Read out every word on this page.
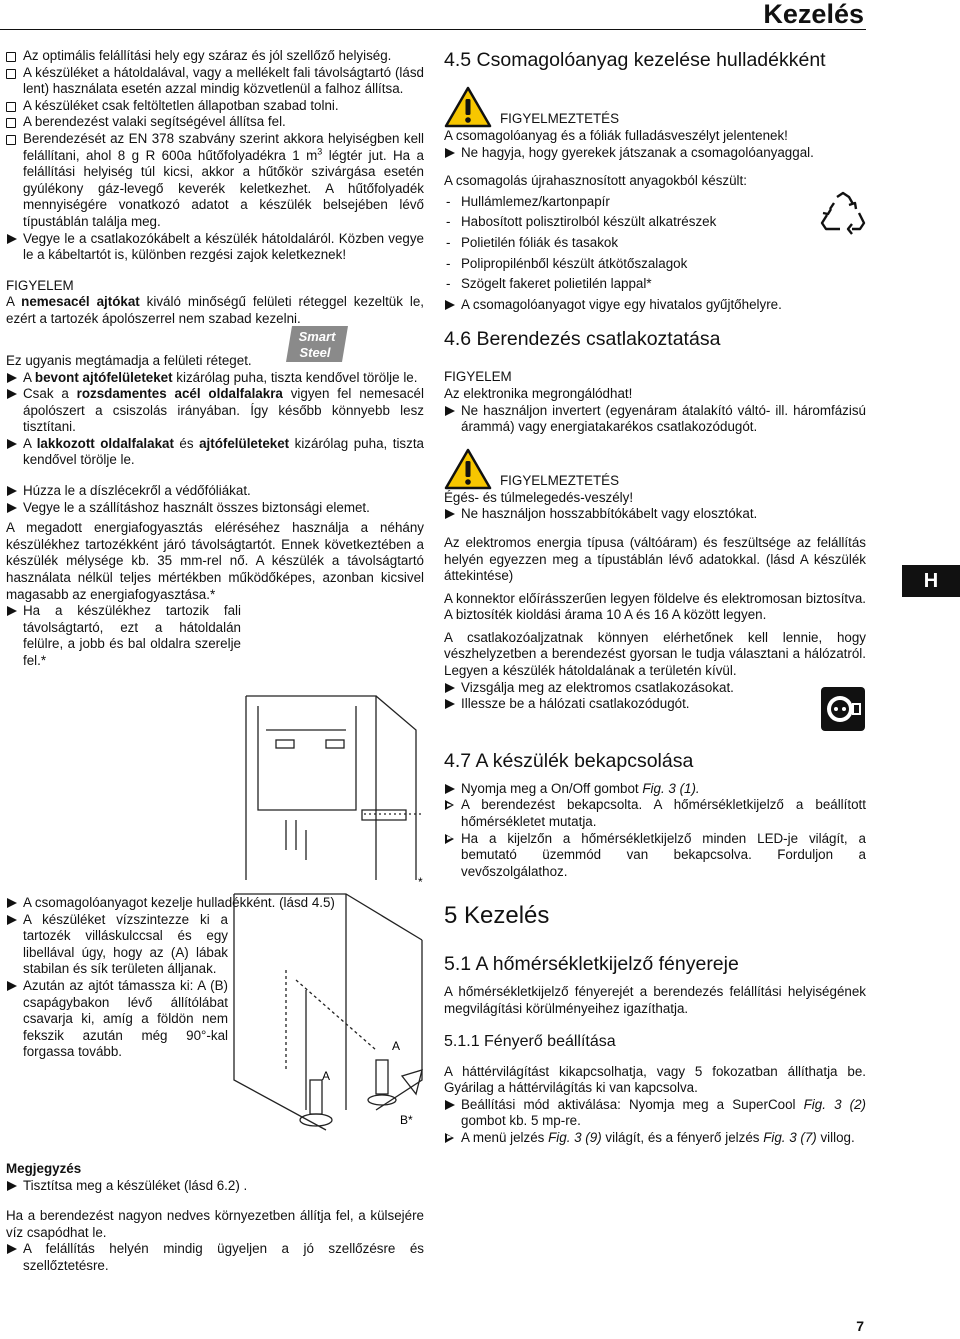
Kezelés

Az optimális felállítási hely egy száraz és jól szellőző helyiség.

A készüléket a hátoldalával, vagy a mellékelt fali távolságtartó (lásd lent) használata esetén azzal mindig közvetlenül a falhoz állítsa.

A készüléket csak feltöltetlen állapotban szabad tolni.

A berendezést valaki segítségével állítsa fel.

Berendezését az EN 378 szabvány szerint akkora helyiségben kell felállítani, ahol 8 g R 600a hűtőfolyadékra 1 $m^3$ légtér jut. Ha a felállítási helyiség túl kicsi, akkor a hűtőkör szivárgása esetén gyúlékony gáz-levegő keverék keletkezhet. A hűtőfolyadék mennyiségére vonatkozó adatot a készülék belsejében lévő típustáblán találja meg.

Vegye le a csatlakozókábelt a készülék hátoldaláról. Közben vegye le a kábeltartót is, különben rezgési zajok keletkeznek!

FIGYELEM

A nemesacél ajtókat kiváló minőségű felületi réteggel kezeltük le, ezért a tartozék ápolószerrel nem szabad kezelni.

Ez ugyanis megtámadja a felületi réteget.
Smart
Steel

A bevont ajtófelületeket kizárólag puha, tiszta kendővel törölje le.

Csak a rozsdamentes acél oldalfalakra vigyen fel nemesacél ápolószert a csiszolás irányában. Így később könnyebb lesz tisztítani.

A lakkozott oldalfalakat és ajtófelületeket kizárólag puha, tiszta kendővel törölje le.

Húzza le a díszlécekről a védőfóliákat.

Vegye le a szállításhoz használt összes biztonsági elemet.

A megadott energiafogyasztás eléréséhez használja a néhány készülékhez tartozékként járó távolságtartót. Ennek következtében a készülék mélysége kb. 35 mm-rel nő. A készülék a távolságtartó használata nélkül teljes mértékben működőképes, azonban kicsivel magasabb az energiafogyasztása.*

Ha a készülékhez tartozik fali távolságtartó, ezt a hátoldalán felülre, a jobb és bal oldalra szerelje fel.*

*
A
A
B*

A csomagolóanyagot kezelje hulladékként. (lásd 4.5)

A készüléket vízszintezze ki a tartozék villáskulccsal és egy libellával úgy, hogy az (A) lábak stabilan és sík területen álljanak.

Azután az ajtót támassza ki: A (B) csapágybakon lévő állítólábat csavarja ki, amíg a földön nem fekszik azután még 90°-kal forgassa tovább.

Megjegyzés

Tisztítsa meg a készüléket (lásd 6.2) .

Ha a berendezést nagyon nedves környezetben állítja fel, a külsejére víz csapódhat le.

A felállítás helyén mindig ügyeljen a jó szellőzésre és szellőztetésre.

4.5 Csomagolóanyag kezelése hulladékként

FIGYELMEZTETÉS

A csomagolóanyag és a fóliák fulladásveszélyt jelentenek!

Ne hagyja, hogy gyerekek játszanak a csomagolóanyaggal.

A csomagolás újrahasznosított anyagokból készült:

- Hullámlemez/kartonpapír

- Habosított polisztirolból készült alkatrészek

- Polietilén fóliák és tasakok

- Polipropilénből készült átkötőszalagok

- Szögelt fakeret polietilén lappal*

A csomagolóanyagot vigye egy hivatalos gyűjtőhelyre.

4.6 Berendezés csatlakoztatása

FIGYELEM

Az elektronika megrongálódhat!

Ne használjon invertert (egyenáram átalakító váltó- ill. háromfázisú árammá) vagy energiatakarékos csatlakozódugót.

FIGYELMEZTETÉS

Égés- és túlmelegedés-veszély!

Ne használjon hosszabbítókábelt vagy elosztókat.

Az elektromos energia típusa (váltóáram) és feszültsége az felállítás helyén egyezzen meg a típustáblán lévő adatokkal. (lásd A készülék áttekintése)

A konnektor előírásszerűen legyen földelve és elektromosan biztosítva. A biztosíték kioldási árama 10 A és 16 A között legyen.

A csatlakozóaljzatnak könnyen elérhetőnek kell lennie, hogy vészhelyzetben a berendezést gyorsan le tudja választani a hálózatról. Legyen a készülék hátoldalának a területén kívül.

Vizsgálja meg az elektromos csatlakozásokat.

Illessze be a hálózati csatlakozódugót.

4.7 A készülék bekapcsolása

Nyomja meg a On/Off gombot Fig. 3 (1).

A berendezést bekapcsolta. A hőmérsékletkijelző a beállított hőmérsékletet mutatja.

Ha a kijelzőn a hőmérsékletkijelző minden LED-je világít, a bemutató üzemmód van bekapcsolva. Forduljon a vevőszolgálathoz.

5 Kezelés

5.1 A hőmérsékletkijelző fényereje

A hőmérsékletkijelző fényerejét a berendezés felállítási helyiségének megvilágítási körülményeihez igazíthatja.

5.1.1 Fényerő beállítása

A háttérvilágítást kikapcsolhatja, vagy 5 fokozatban állíthatja be. Gyárilag a háttérvilágítás ki van kapcsolva.

Beállítási mód aktiválása: Nyomja meg a SuperCool Fig. 3 (2) gombot kb. 5 mp-re.

A menü jelzés Fig. 3 (9) világít, és a fényerő jelzés Fig. 3 (7) villog.

H
7
